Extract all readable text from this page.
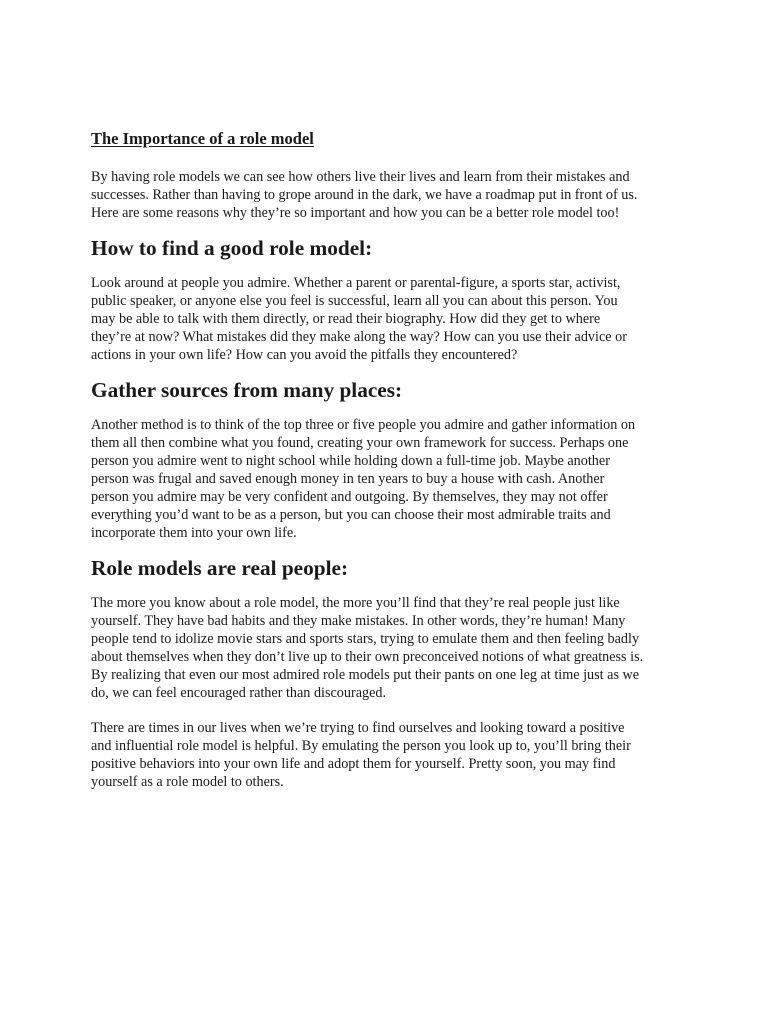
The Importance of a role model

By having role models we can see how others live their lives and learn from their mistakes and
successes. Rather than having to grope around in the dark, we have a roadmap put in front of us.
Here are some reasons why they’re so important and how you can be a better role model too!

How to find a good role model:

Look around at people you admire. Whether a parent or parental-figure, a sports star, activist,
public speaker, or anyone else you feel is successful, learn all you can about this person. You
may be able to talk with them directly, or read their biography. How did they get to where
they’re at now? What mistakes did they make along the way? How can you use their advice or
actions in your own life? How can you avoid the pitfalls they encountered?

Gather sources from many places:

Another method is to think of the top three or five people you admire and gather information on
them all then combine what you found, creating your own framework for success. Perhaps one
person you admire went to night school while holding down a full-time job. Maybe another
person was frugal and saved enough money in ten years to buy a house with cash. Another
person you admire may be very confident and outgoing. By themselves, they may not offer
everything you’d want to be as a person, but you can choose their most admirable traits and
incorporate them into your own life.

Role models are real people:

The more you know about a role model, the more you’ll find that they’re real people just like
yourself. They have bad habits and they make mistakes. In other words, they’re human! Many
people tend to idolize movie stars and sports stars, trying to emulate them and then feeling badly
about themselves when they don’t live up to their own preconceived notions of what greatness is.
By realizing that even our most admired role models put their pants on one leg at time just as we
do, we can feel encouraged rather than discouraged.

There are times in our lives when we’re trying to find ourselves and looking toward a positive
and influential role model is helpful. By emulating the person you look up to, you’ll bring their
positive behaviors into your own life and adopt them for yourself. Pretty soon, you may find
yourself as a role model to others.
